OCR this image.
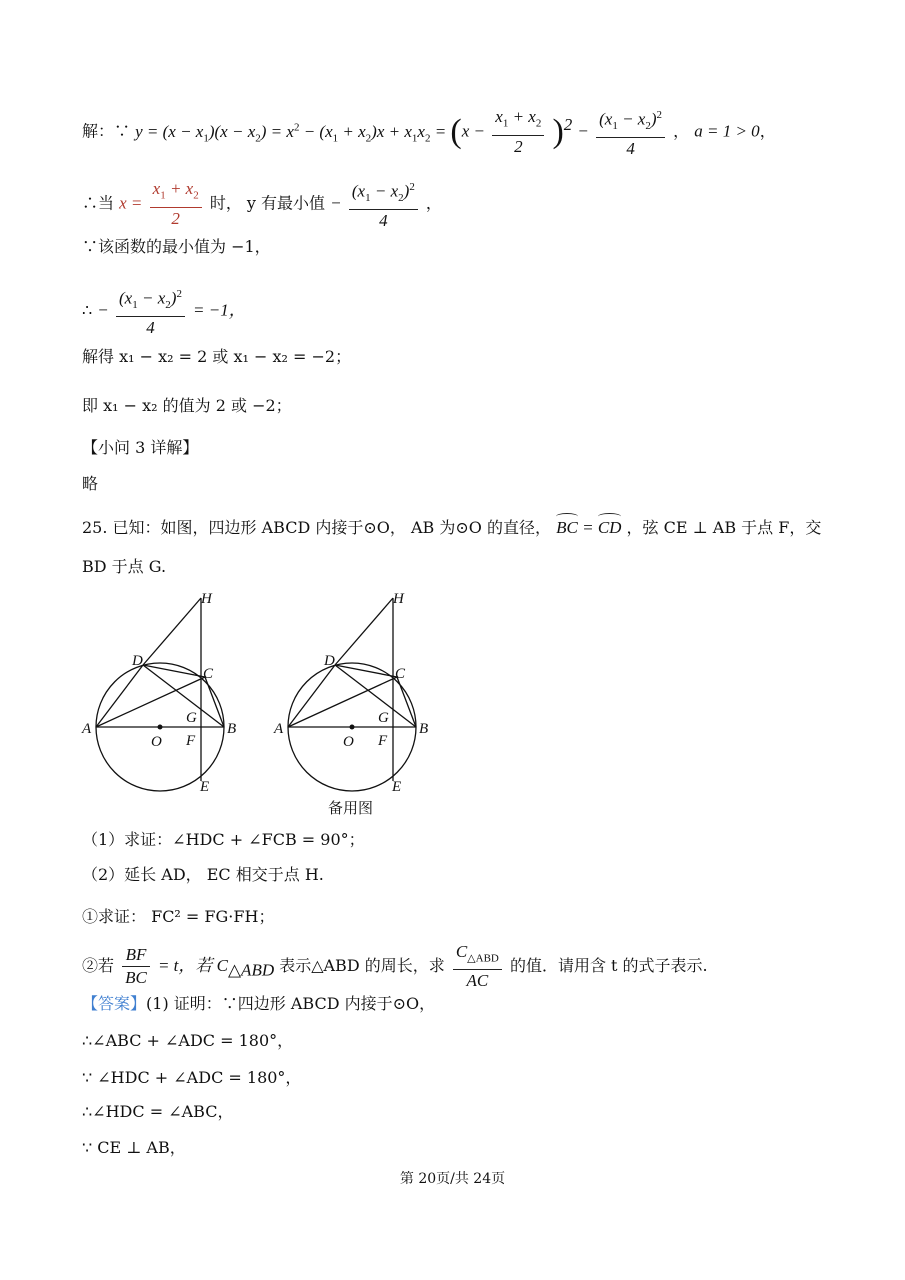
解：∵ $y = (x - x_1)(x - x_2) = x^2 - (x_1 + x_2)x + x_1x_2 = (x - \frac{x_1 + x_2}{2} )^2 - \frac{(x_1 - x_2)^2}{4}$ ， a = 1 > 0，
∴当 $x = \frac{x_1 + x_2}{2}$ 时， y 有最小值 − $\frac{(x_1 - x_2)^2}{4}$ ，
∵该函数的最小值为 −1，
∴ − $\frac{(x_1 - x_2)^2}{4} = -1$，
解得 x₁ − x₂ = 2 或 x₁ − x₂ = −2；
即 x₁ − x₂ 的值为 2 或 −2；
【小问 3 详解】
略
25. 已知：如图，四边形 ABCD 内接于⊙O， AB 为⊙O 的直径， BC = CD ，弦 CE ⊥ AB 于点 F，交
BD 于点 G.
H
D
C
A	B
G
O F
E
H
D
C
A	B
G
O F
E
备用图
（1）求证：∠HDC + ∠FCB = 90°；
（2）延长 AD， EC 相交于点 H.
①求证： FC² = FG·FH；
②若 $\frac{BF}{BC} = t$，若 $C_{\triangle ABD}$ 表示△ABD 的周长，求 $\frac{C_{\triangle ABD}}{AC}$ 的值．请用含 t 的式子表示.
【答案】(1) 证明：∵四边形 ABCD 内接于⊙O，
∴∠ABC + ∠ADC = 180°，
∵ ∠HDC + ∠ADC = 180°，
∴∠HDC = ∠ABC，
∵ CE ⊥ AB，
第 20页/共 24页
